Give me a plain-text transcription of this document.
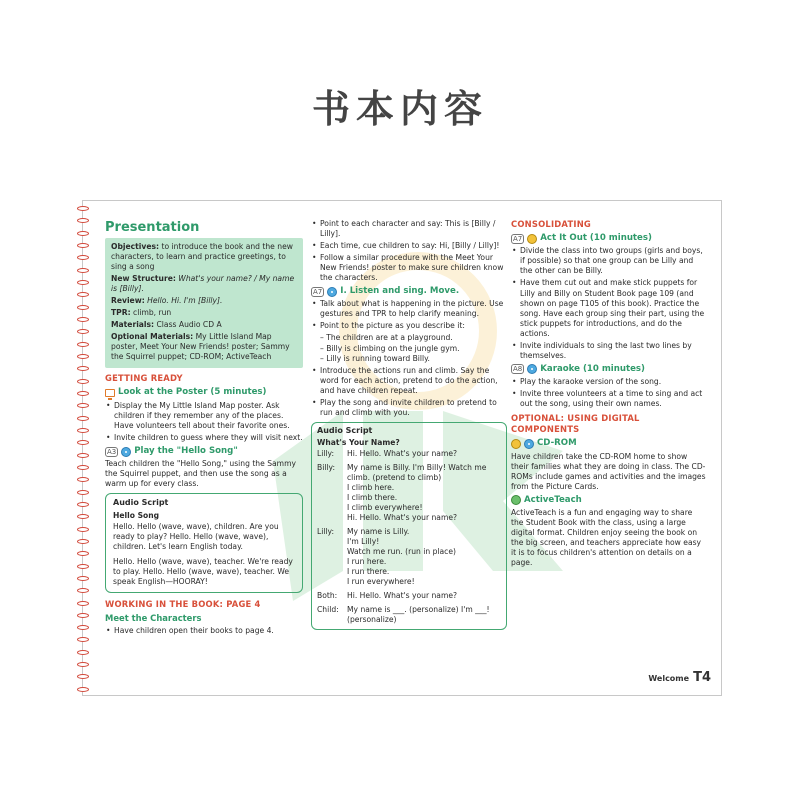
书本内容
Presentation

Objectives: to introduce the book and the new characters, to learn and practice greetings, to sing a song

New Structure: What's your name? / My name is [Billy].

Review: Hello. Hi. I'm [Billy].

TPR: climb, run

Materials: Class Audio CD A

Optional Materials: My Little Island Map poster, Meet Your New Friends! poster; Sammy the Squirrel puppet; CD-ROM; ActiveTeach

GETTING READY
Look at the Poster (5 minutes)
• Display the My Little Island Map poster. Ask children if they remember any of the places. Have volunteers tell about their favorite ones.
• Invite children to guess where they will visit next.
A3 Play the "Hello Song"

Teach children the "Hello Song," using the Sammy the Squirrel puppet, and then use the song as a warm up for every class.

Audio Script
Hello Song

Hello. Hello (wave, wave), children. Are you ready to play? Hello. Hello (wave, wave), children. Let's learn English today.

Hello. Hello (wave, wave), teacher. We're ready to play. Hello. Hello (wave, wave), teacher. We speak English—HOORAY!

WORKING IN THE BOOK: PAGE 4
Meet the Characters
• Have children open their books to page 4.
• Point to each character and say: This is [Billy / Lilly].
• Each time, cue children to say: Hi, [Billy / Lilly]!
• Follow a similar procedure with the Meet Your New Friends! poster to make sure children know the characters.
A7 I. Listen and sing. Move.
• Talk about what is happening in the picture. Use gestures and TPR to help clarify meaning.
• Point to the picture as you describe it:
– The children are at a playground.
– Billy is climbing on the jungle gym.
– Lilly is running toward Billy.
• Introduce the actions run and climb. Say the word for each action, pretend to do the action, and have children repeat.
• Play the song and invite children to pretend to run and climb with you.
Audio Script
What's Your Name?
Lilly:	Hi. Hello. What's your name?
Billy:	My name is Billy. I'm Billy! Watch me climb. (pretend to climb)
I climb here.
I climb there.
I climb everywhere!
Hi. Hello. What's your name?
Lilly:	My name is Lilly.
I'm Lilly!
Watch me run. (run in place)
I run here.
I run there.
I run everywhere!
Both:	Hi. Hello. What's your name?
Child:	My name is ___. (personalize) I'm ___! (personalize)
CONSOLIDATING
A7 Act It Out (10 minutes)
• Divide the class into two groups (girls and boys, if possible) so that one group can be Lilly and the other can be Billy.
• Have them cut out and make stick puppets for Lilly and Billy on Student Book page 109 (and shown on page T105 of this book). Practice the song. Have each group sing their part, using the stick puppets for introductions, and do the actions.
• Invite individuals to sing the last two lines by themselves.
A8 Karaoke (10 minutes)
• Play the karaoke version of the song.
• Invite three volunteers at a time to sing and act out the song, using their own names.
OPTIONAL: USING DIGITAL COMPONENTS
CD-ROM

Have children take the CD-ROM home to show their families what they are doing in class. The CD-ROMs include games and activities and the images from the Picture Cards.

ActiveTeach

ActiveTeach is a fun and engaging way to share the Student Book with the class, using a large digital format. Children enjoy seeing the book on the big screen, and teachers appreciate how easy it is to focus children's attention on details on a page.

Welcome T4
